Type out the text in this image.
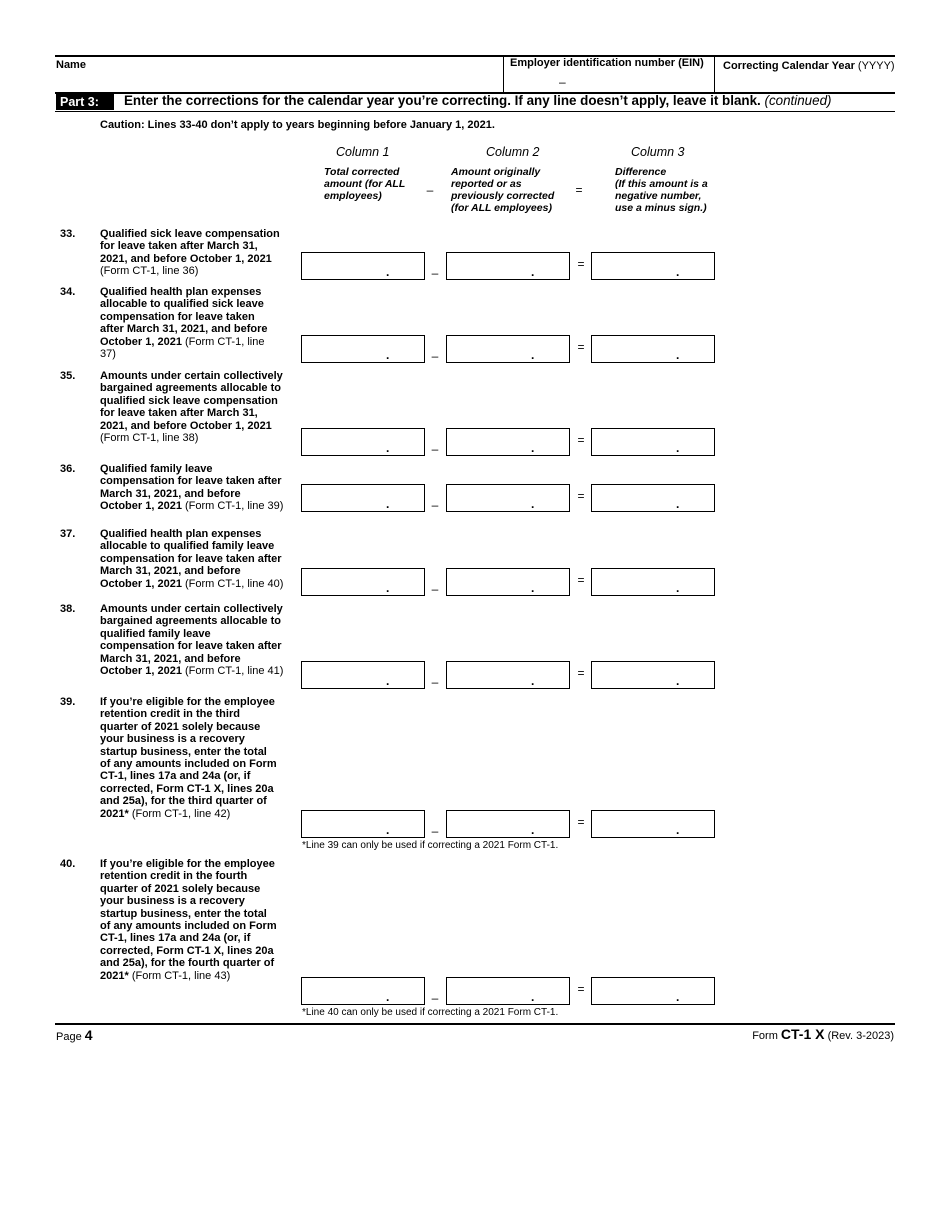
Name	Employer identification number (EIN)
–
Correcting Calendar Year (YYYY)
Part 3:	Enter the corrections for the calendar year you’re correcting. If any line doesn’t apply, leave it blank. (continued)
Caution: Lines 33-40 don’t apply to years beginning before January 1, 2021.
Column 1
Total corrected
amount (for ALL
employees)	–
Column 2
Amount originally
reported or as
previously corrected
(for ALL employees)
=
Column 3
Difference
(If this amount is a
negative number,
use a minus sign.)
33. Qualified sick leave compensation
for leave taken after March 31,
2021, and before October 1, 2021
(Form CT-1, line 36)	.	.	.
–
=
34. Qualified health plan expenses
allocable to qualified sick leave
compensation for leave taken
after March 31, 2021, and before
October 1, 2021 (Form CT-1, line
37)	.	.	.
–
=
35. Amounts under certain collectively
bargained agreements allocable to
qualified sick leave compensation
for leave taken after March 31,
2021, and before October 1, 2021
(Form CT-1, line 38)
.	.	.
–
=
36. Qualified family leave
compensation for leave taken after
March 31, 2021, and before
October 1, 2021 (Form CT-1, line 39)	.	.	.
–
=
37. Qualified health plan expenses
allocable to qualified family leave
compensation for leave taken after
March 31, 2021, and before
October 1, 2021 (Form CT-1, line 40)	.	.	.
–
=
38. Amounts under certain collectively
bargained agreements allocable to
qualified family leave
compensation for leave taken after
March 31, 2021, and before
October 1, 2021 (Form CT-1, line 41)
.	.	.
–
=
39. If you’re eligible for the employee
retention credit in the third
quarter of 2021 solely because
your business is a recovery
startup business, enter the total
of any amounts included on Form
CT-1, lines 17a and 24a (or, if
corrected, Form CT-1 X, lines 20a
and 25a), for the third quarter of
2021* (Form CT-1, line 42)
.	.	.
–
=
*Line 39 can only be used if correcting a 2021 Form CT-1.
40. If you’re eligible for the employee
retention credit in the fourth
quarter of 2021 solely because
your business is a recovery
startup business, enter the total
of any amounts included on Form
CT-1, lines 17a and 24a (or, if
corrected, Form CT-1 X, lines 20a
and 25a), for the fourth quarter of
2021* (Form CT-1, line 43)
.	.	.
–
=
*Line 40 can only be used if correcting a 2021 Form CT-1.
Page 4	Form CT-1 X (Rev. 3-2023)
